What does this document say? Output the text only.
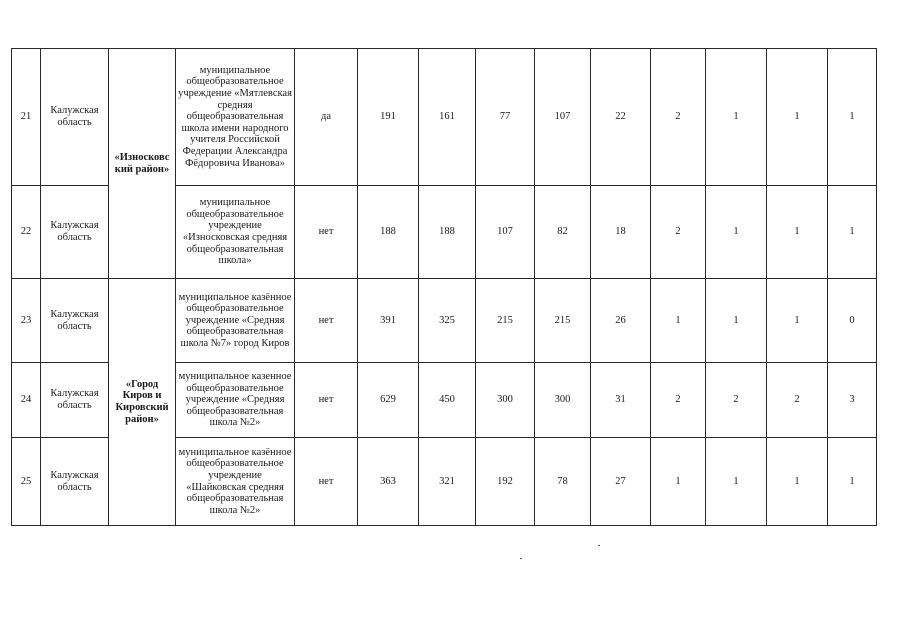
21	Калужская область	«Износковс кий район»	муниципальное общеобразовательное учреждение «Мятлевская средняя общеобразовательная школа имени народного учителя Российской Федерации Александра Фёдоровича Иванова»	да	191	161	77	107	22	2	1	1	1
22	Калужская область		муниципальное общеобразовательное учреждение «Износковская средняя общеобразовательная школа»	нет	188	188	107	82	18	2	1	1	1
23	Калужская область	«Город Киров и Кировский район»	муниципальное казённое общеобразовательное учреждение «Средняя общеобразовательная школа №7» город Киров	нет	391	325	215	215	26	1	1	1	0
24	Калужская область		муниципальное казенное общеобразовательное учреждение «Средняя общеобразовательная школа №2»	нет	629	450	300	300	31	2	2	2	3
25	Калужская область		муниципальное казённое общеобразовательное учреждение «Шайковская средняя общеобразовательная школа №2»	нет	363	321	192	78	27	1	1	1	1
